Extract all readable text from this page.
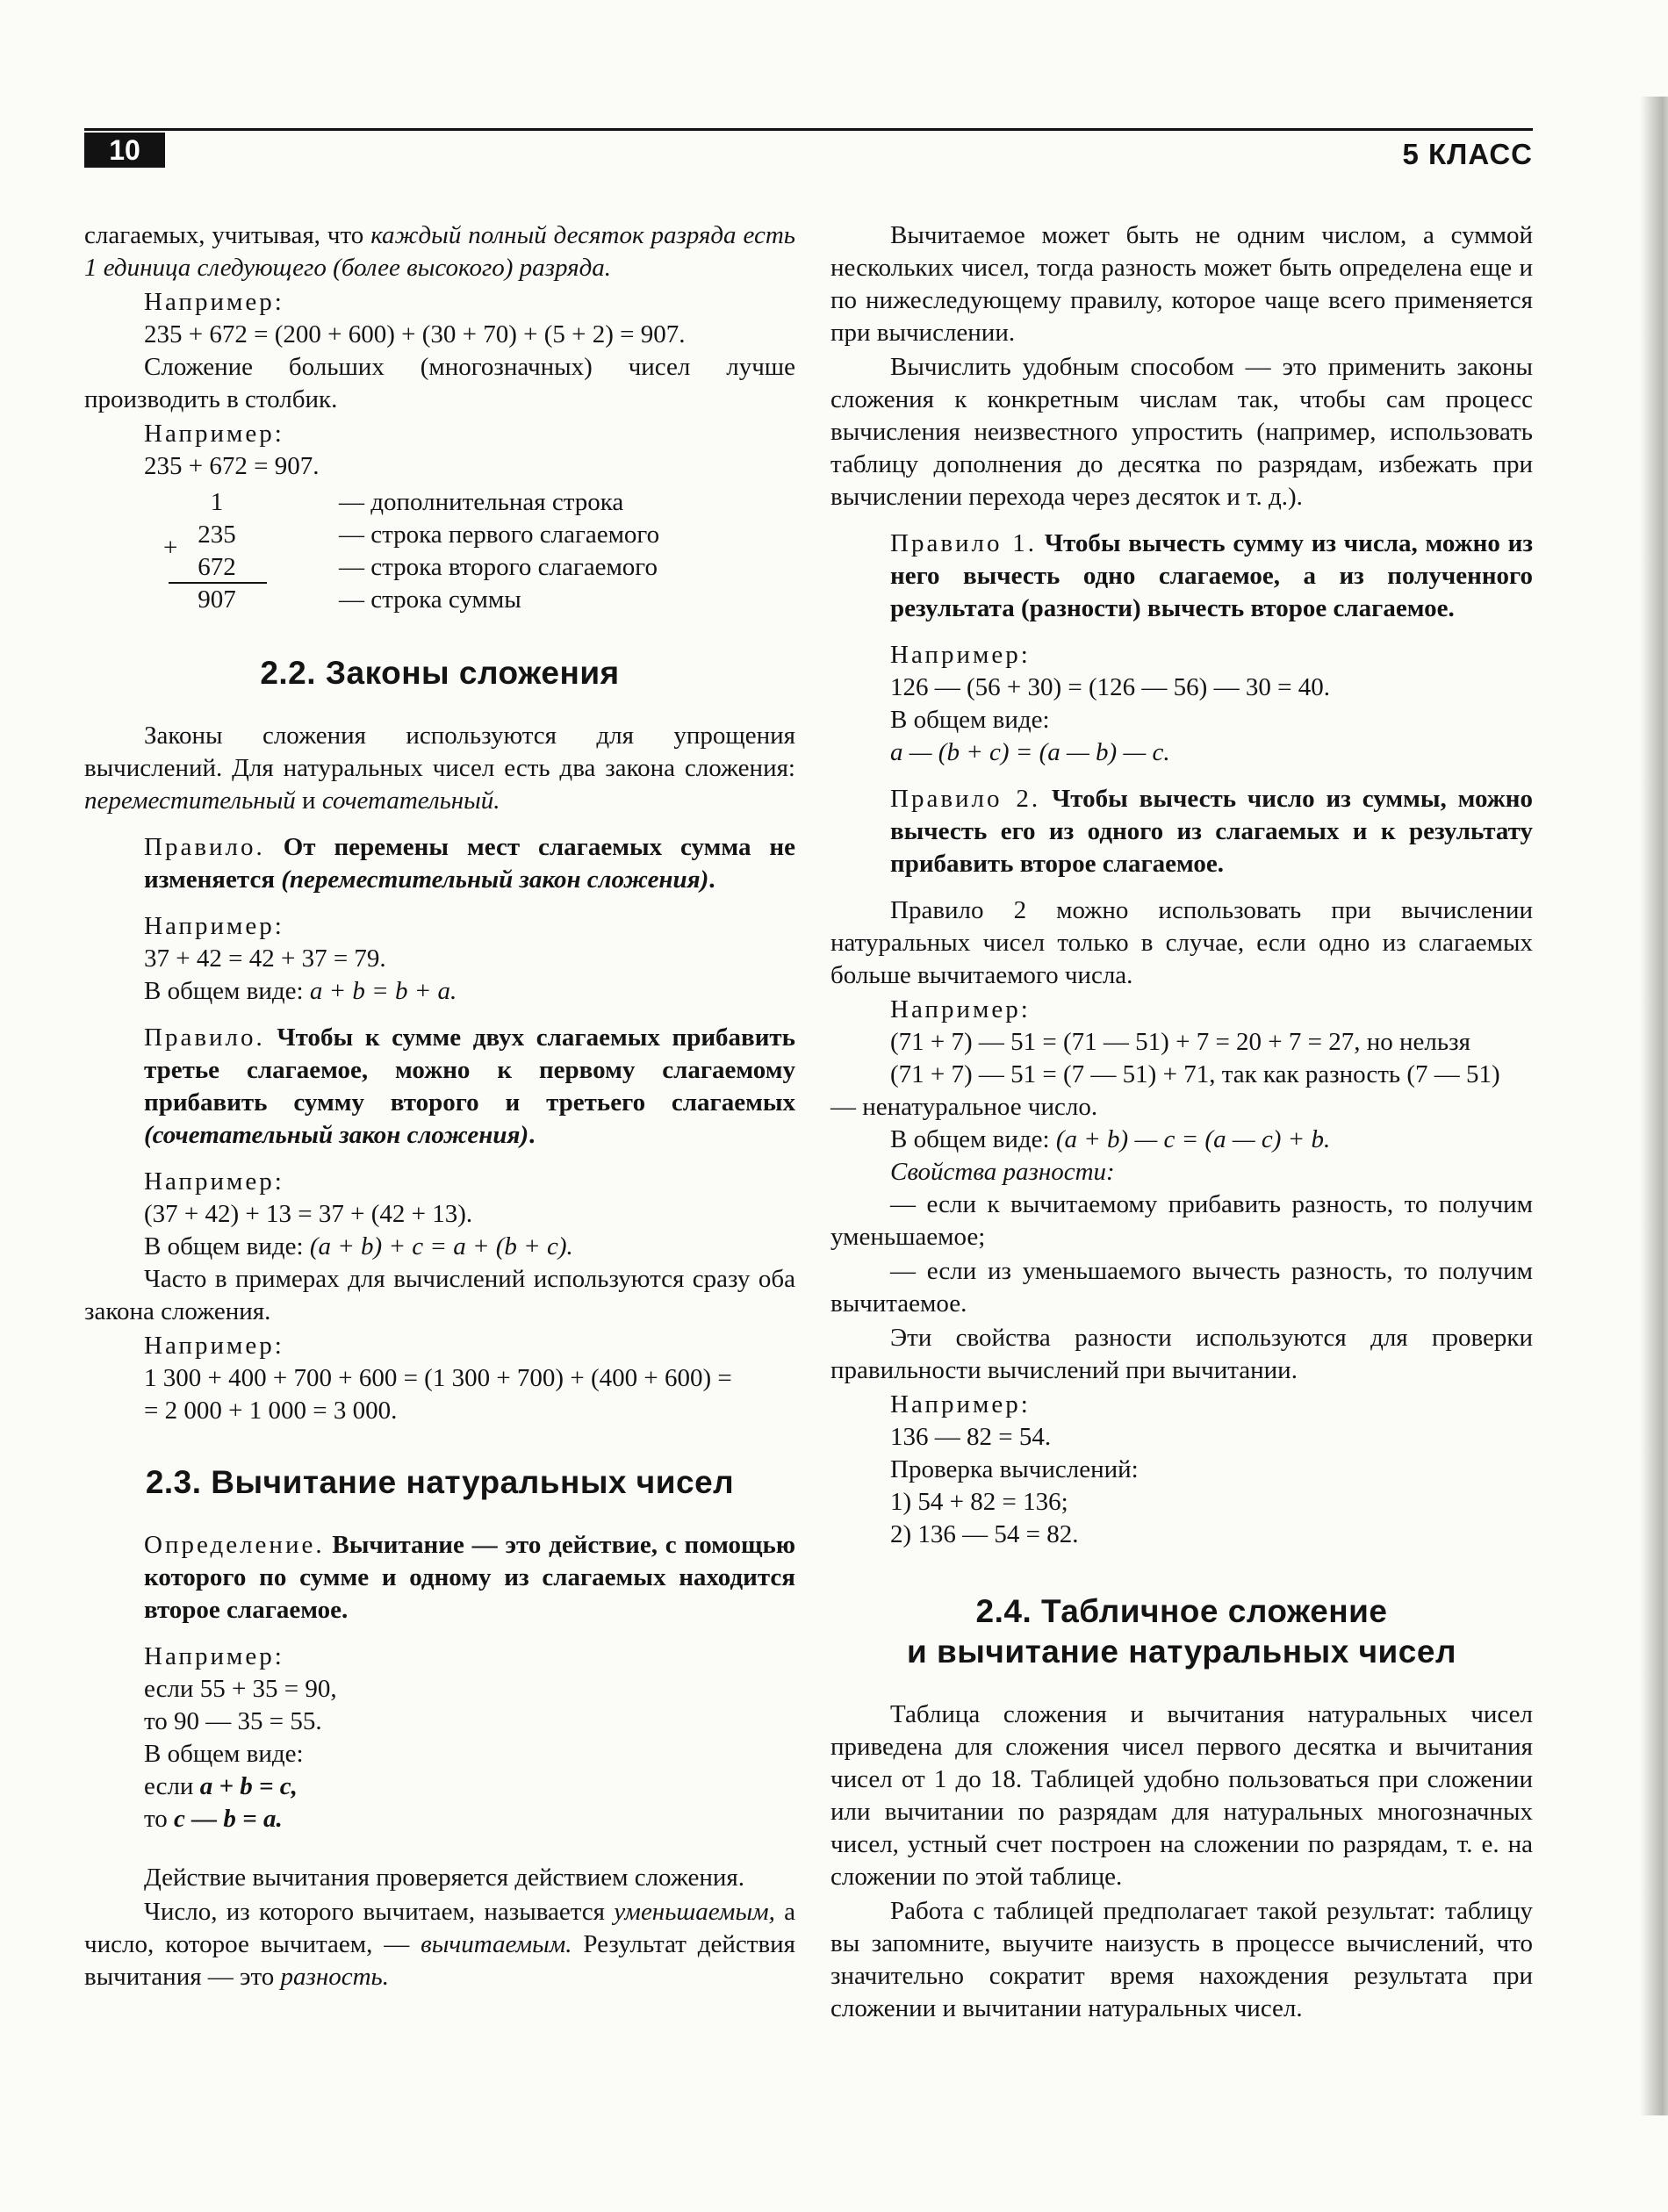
10	5 КЛАСС

слагаемых, учитывая, что каждый полный десяток разряда есть 1 единица следующего (более высокого) разряда.

Например:
235 + 672 = (200 + 600) + (30 + 70) + (5 + 2) = 907.

Сложение больших (многозначных) чисел лучше производить в столбик.

Например:
235 + 672 = 907.
1	— дополнительная строка
235	— строка первого слагаемого
+
672	— строка второго слагаемого
907	— строка суммы
2.2. Законы сложения

Законы сложения используются для упрощения вычислений. Для натуральных чисел есть два закона сложения: переместительный и сочетательный.

Правило. От перемены мест слагаемых сумма не изменяется (переместительный закон сложения).
Например:
37 + 42 = 42 + 37 = 79.
В общем виде: a + b = b + a.
Правило. Чтобы к сумме двух слагаемых прибавить третье слагаемое, можно к первому слагаемому прибавить сумму второго и третьего слагаемых (сочетательный закон сложения).
Например:
(37 + 42) + 13 = 37 + (42 + 13).
В общем виде: (a + b) + c = a + (b + c).

Часто в примерах для вычислений используются сразу оба закона сложения.

Например:
1 300 + 400 + 700 + 600 = (1 300 + 700) + (400 + 600) =
= 2 000 + 1 000 = 3 000.
2.3. Вычитание натуральных чисел
Определение. Вычитание — это действие, с помощью которого по сумме и одному из слагаемых находится второе слагаемое.
Например:
если 55 + 35 = 90,
то 90 — 35 = 55.
В общем виде:
если a + b = c,
то c — b = a.

Действие вычитания проверяется действием сложения.

Число, из которого вычитаем, называется уменьшаемым, а число, которое вычитаем, — вычитаемым. Результат действия вычитания — это разность.

Вычитаемое может быть не одним числом, а суммой нескольких чисел, тогда разность может быть определена еще и по нижеследующему правилу, которое чаще всего применяется при вычислении.

Вычислить удобным способом — это применить законы сложения к конкретным числам так, чтобы сам процесс вычисления неизвестного упростить (например, использовать таблицу дополнения до десятка по разрядам, избежать при вычислении перехода через десяток и т. д.).

Правило 1. Чтобы вычесть сумму из числа, можно из него вычесть одно слагаемое, а из полученного результата (разности) вычесть второе слагаемое.
Например:
126 — (56 + 30) = (126 — 56) — 30 = 40.
В общем виде:
a — (b + c) = (a — b) — c.
Правило 2. Чтобы вычесть число из суммы, можно вычесть его из одного из слагаемых и к результату прибавить второе слагаемое.

Правило 2 можно использовать при вычислении натуральных чисел только в случае, если одно из слагаемых больше вычитаемого числа.

Например:
(71 + 7) — 51 = (71 — 51) + 7 = 20 + 7 = 27, но нельзя
(71 + 7) — 51 = (7 — 51) + 71, так как разность (7 — 51)
— ненатуральное число.
В общем виде: (a + b) — c = (a — c) + b.
Свойства разности:

— если к вычитаемому прибавить разность, то получим уменьшаемое;

— если из уменьшаемого вычесть разность, то получим вычитаемое.

Эти свойства разности используются для проверки правильности вычислений при вычитании.

Например:
136 — 82 = 54.
Проверка вычислений:
1) 54 + 82 = 136;
2) 136 — 54 = 82.
2.4. Табличное сложение
и вычитание натуральных чисел

Таблица сложения и вычитания натуральных чисел приведена для сложения чисел первого десятка и вычитания чисел от 1 до 18. Таблицей удобно пользоваться при сложении или вычитании по разрядам для натуральных многозначных чисел, устный счет построен на сложении по разрядам, т. е. на сложении по этой таблице.

Работа с таблицей предполагает такой результат: таблицу вы запомните, выучите наизусть в процессе вычислений, что значительно сократит время нахождения результата при сложении и вычитании натуральных чисел.
